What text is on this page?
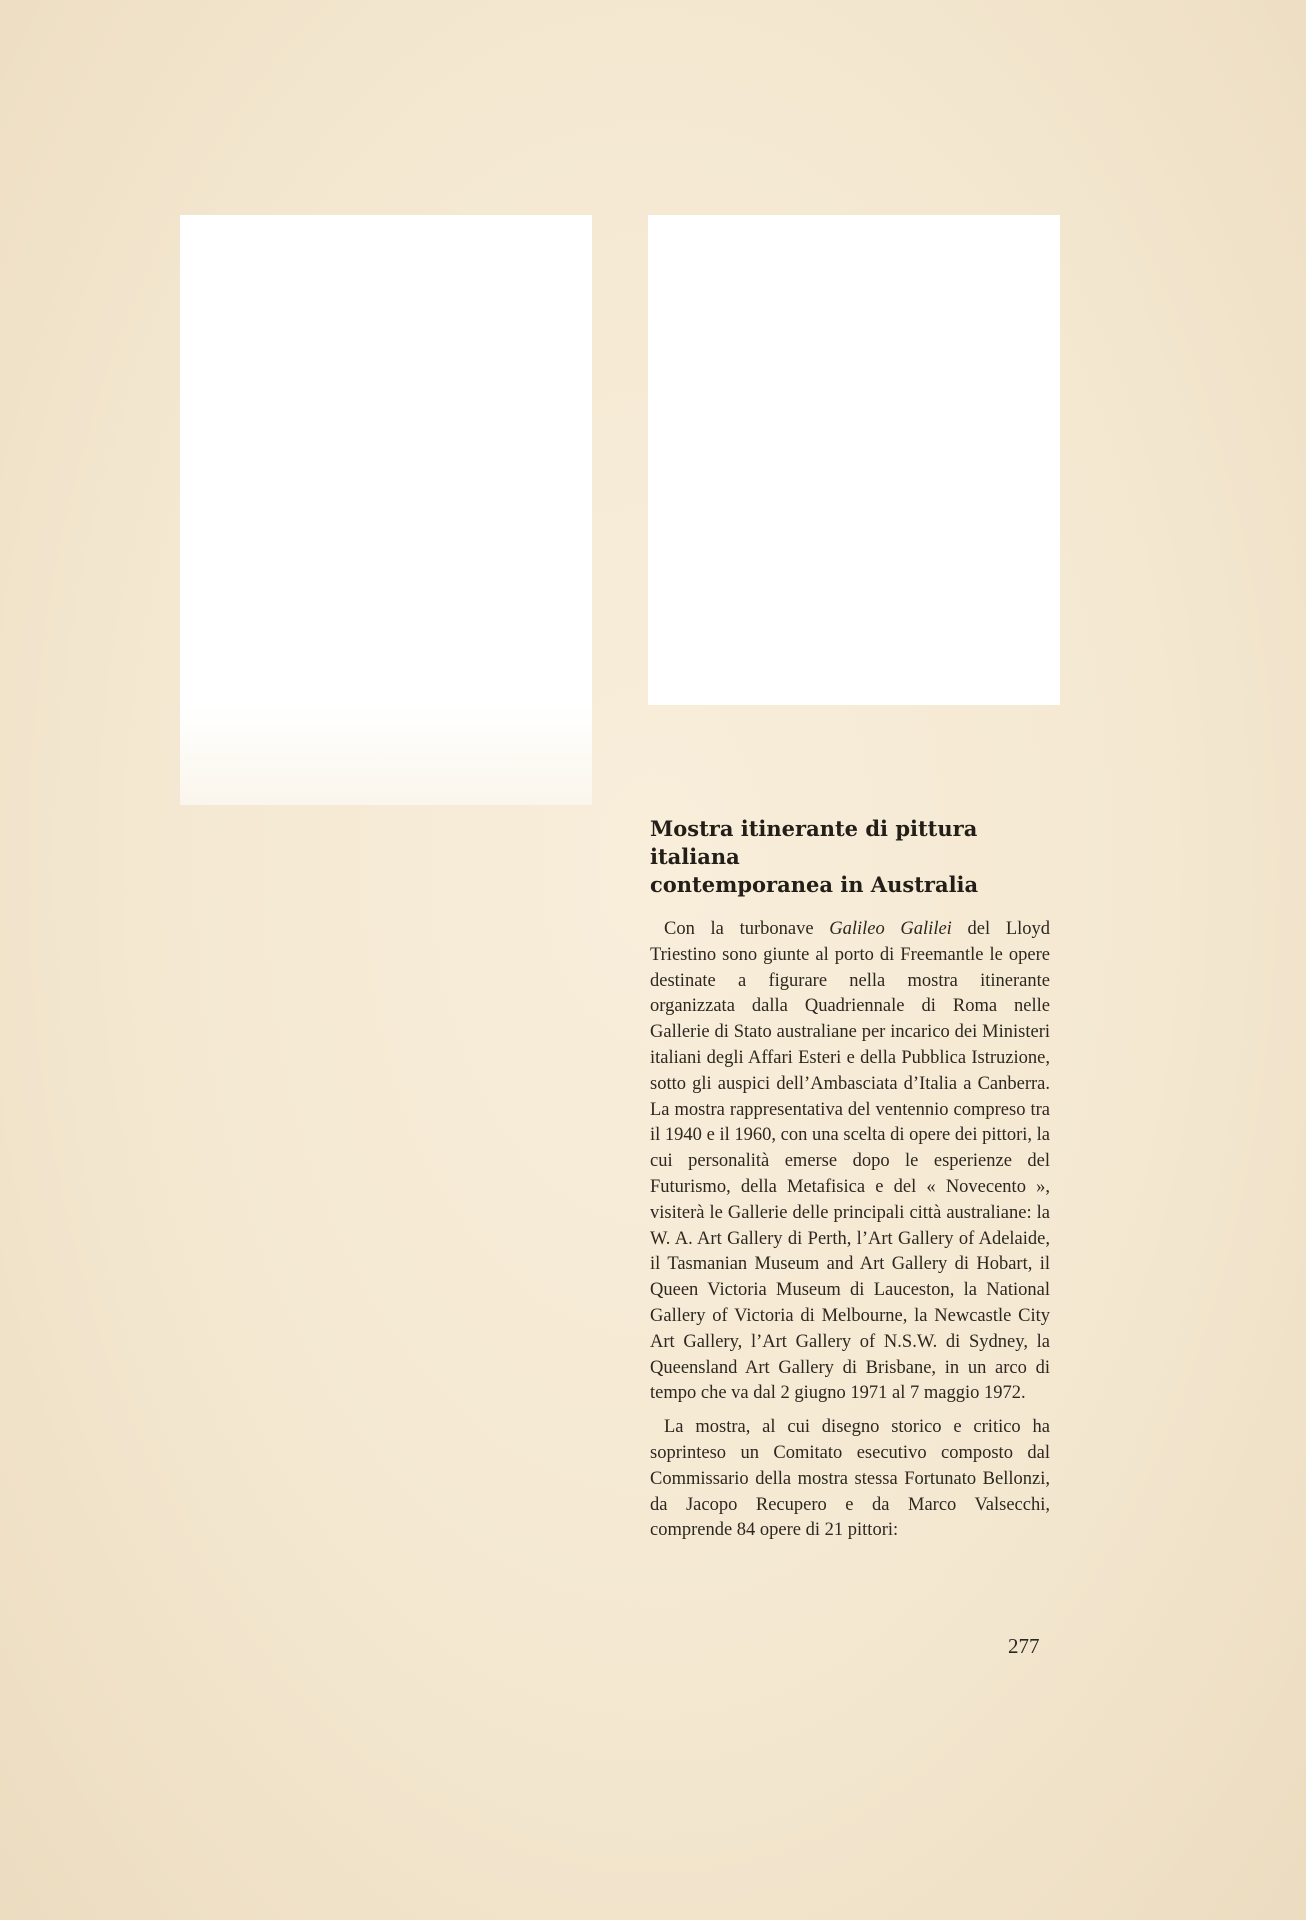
Mostra itinerante di pittura italiana
contemporanea in Australia

Con la turbonave Galileo Galilei del Lloyd Triestino sono giunte al porto di Freemantle le opere destinate a figurare nella mostra itinerante organizzata dalla Quadriennale di Roma nelle Gallerie di Stato australiane per incarico dei Ministeri italiani degli Affari Esteri e della Pubblica Istruzione, sotto gli auspici dell’Ambasciata d’Italia a Canberra. La mostra rappresentativa del ventennio compreso tra il 1940 e il 1960, con una scelta di opere dei pittori, la cui personalità emerse dopo le esperienze del Futurismo, della Metafisica e del « Novecento », visiterà le Gallerie delle principali città australiane: la W. A. Art Gallery di Perth, l’Art Gallery of Adelaide, il Tasmanian Museum and Art Gallery di Hobart, il Queen Victoria Museum di Lauceston, la National Gallery of Victoria di Melbourne, la Newcastle City Art Gallery, l’Art Gallery of N.S.W. di Sydney, la Queensland Art Gallery di Brisbane, in un arco di tempo che va dal 2 giugno 1971 al 7 maggio 1972.

La mostra, al cui disegno storico e critico ha soprinteso un Comitato esecutivo composto dal Commissario della mostra stessa Fortunato Bellonzi, da Jacopo Recupero e da Marco Valsecchi, comprende 84 opere di 21 pittori:

277
